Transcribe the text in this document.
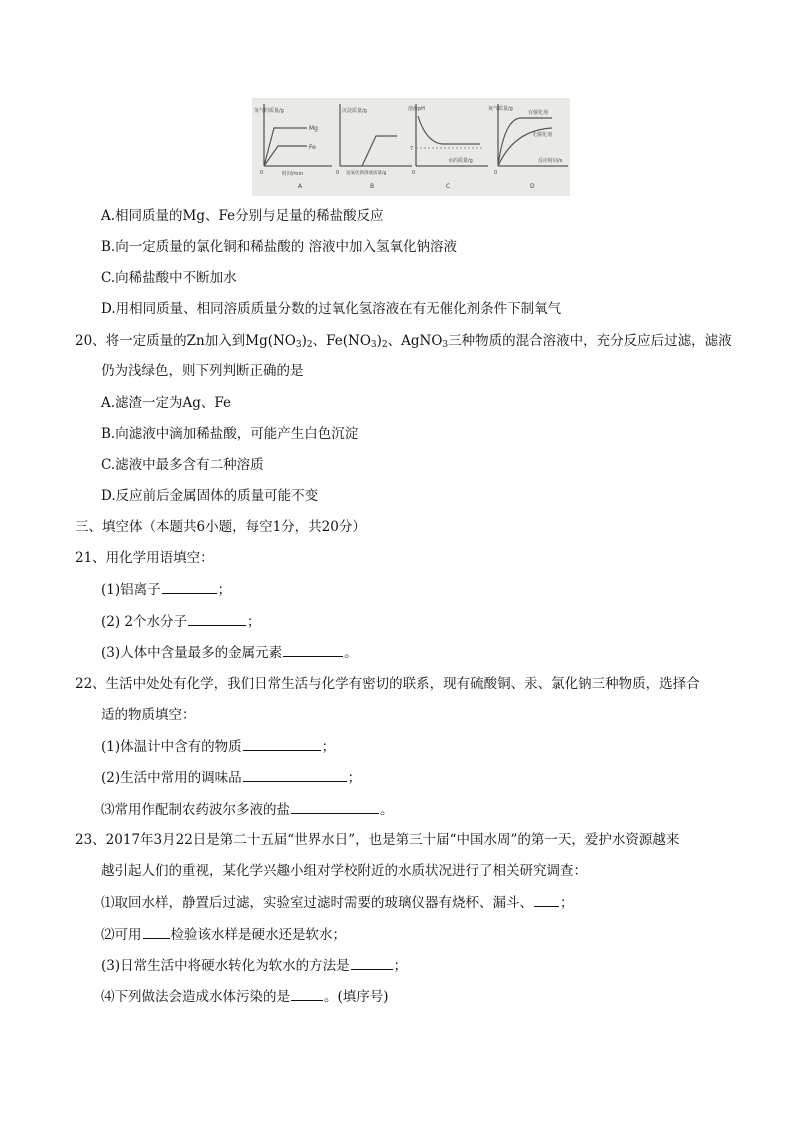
氢气的质量/g
Mg
Fe
时间/min
0
A
沉淀质量/g
氢氧化钠溶液质量/g
0
B
溶液pH
7
水的质量/g
0
C
氧气质量/g
有催化剂
无催化剂
反应时间/s
0
D
A.相同质量的Mg、Fe分别与足量的稀盐酸反应
B.向一定质量的氯化铜和稀盐酸的 溶液中加入氢氧化钠溶液
C.向稀盐酸中不断加水
D.用相同质量、相同溶质质量分数的过氧化氢溶液在有无催化剂条件下制氧气
20、将一定质量的Zn加入到$Mg(NO_3)_2$、$Fe(NO_3)_2$、AgNO$_3$三种物质的混合溶液中，充分反应后过滤，滤液
仍为浅绿色，则下列判断正确的是
A.滤渣一定为Ag、Fe
B.向滤液中滴加稀盐酸，可能产生白色沉淀
C.滤液中最多含有二种溶质
D.反应前后金属固体的质量可能不变
三、填空体（本题共6小题，每空1分，共20分）
21、用化学用语填空：
(1)铝离子	；
(2) 2个水分子	；
(3)人体中含量最多的金属元素	。
22、生活中处处有化学，我们日常生活与化学有密切的联系，现有硫酸铜、汞、氯化钠三种物质，选择合
适的物质填空：
(1)体温计中含有的物质	；
(2)生活中常用的调味品	；
⑶常用作配制农药波尔多液的盐	。
23、2017年3月22日是第二十五届“世界水日”，也是第三十届“中国水周”的第一天，爱护水资源越来
越引起人们的重视，某化学兴趣小组对学校附近的水质状况进行了相关研究调查：
⑴取回水样，静置后过滤，实验室过滤时需要的玻璃仪器有烧杯、漏斗、 ；
⑵可用 检验该水样是硬水还是软水；
(3)日常生活中将硬水转化为软水的方法是	；
⑷下列做法会造成水体污染的是	。(填序号)
